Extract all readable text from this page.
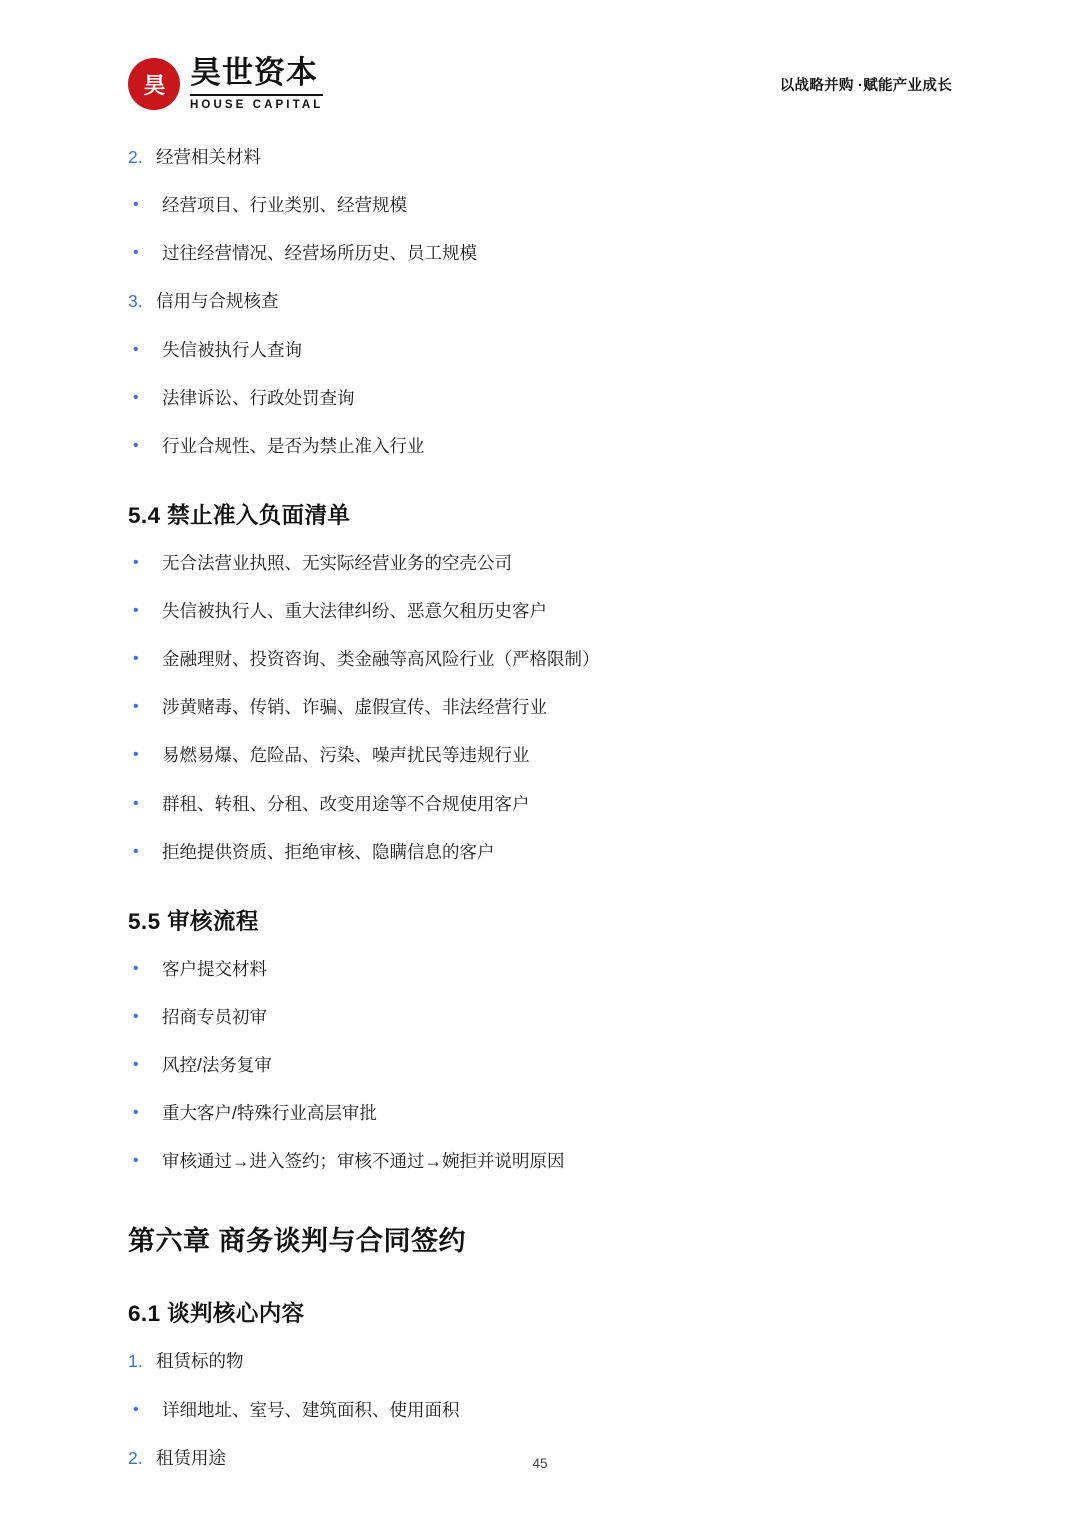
昊 昊世资本
HOUSE CAPITAL
以战略并购 ·赋能产业成长
2. 经营相关材料
• 经营项目、行业类别、经营规模
• 过往经营情况、经营场所历史、员工规模
3. 信用与合规核查
• 失信被执行人查询
• 法律诉讼、行政处罚查询
• 行业合规性、是否为禁止准入行业
5.4 禁止准入负面清单
• 无合法营业执照、无实际经营业务的空壳公司
• 失信被执行人、重大法律纠纷、恶意欠租历史客户
• 金融理财、投资咨询、类金融等高风险行业（严格限制）
• 涉黄赌毒、传销、诈骗、虚假宣传、非法经营行业
• 易燃易爆、危险品、污染、噪声扰民等违规行业
• 群租、转租、分租、改变用途等不合规使用客户
• 拒绝提供资质、拒绝审核、隐瞒信息的客户
5.5 审核流程
• 客户提交材料
• 招商专员初审
• 风控/法务复审
• 重大客户/特殊行业高层审批
• 审核通过→进入签约；审核不通过→婉拒并说明原因
第六章 商务谈判与合同签约
6.1 谈判核心内容
1. 租赁标的物
• 详细地址、室号、建筑面积、使用面积
2. 租赁用途	45
